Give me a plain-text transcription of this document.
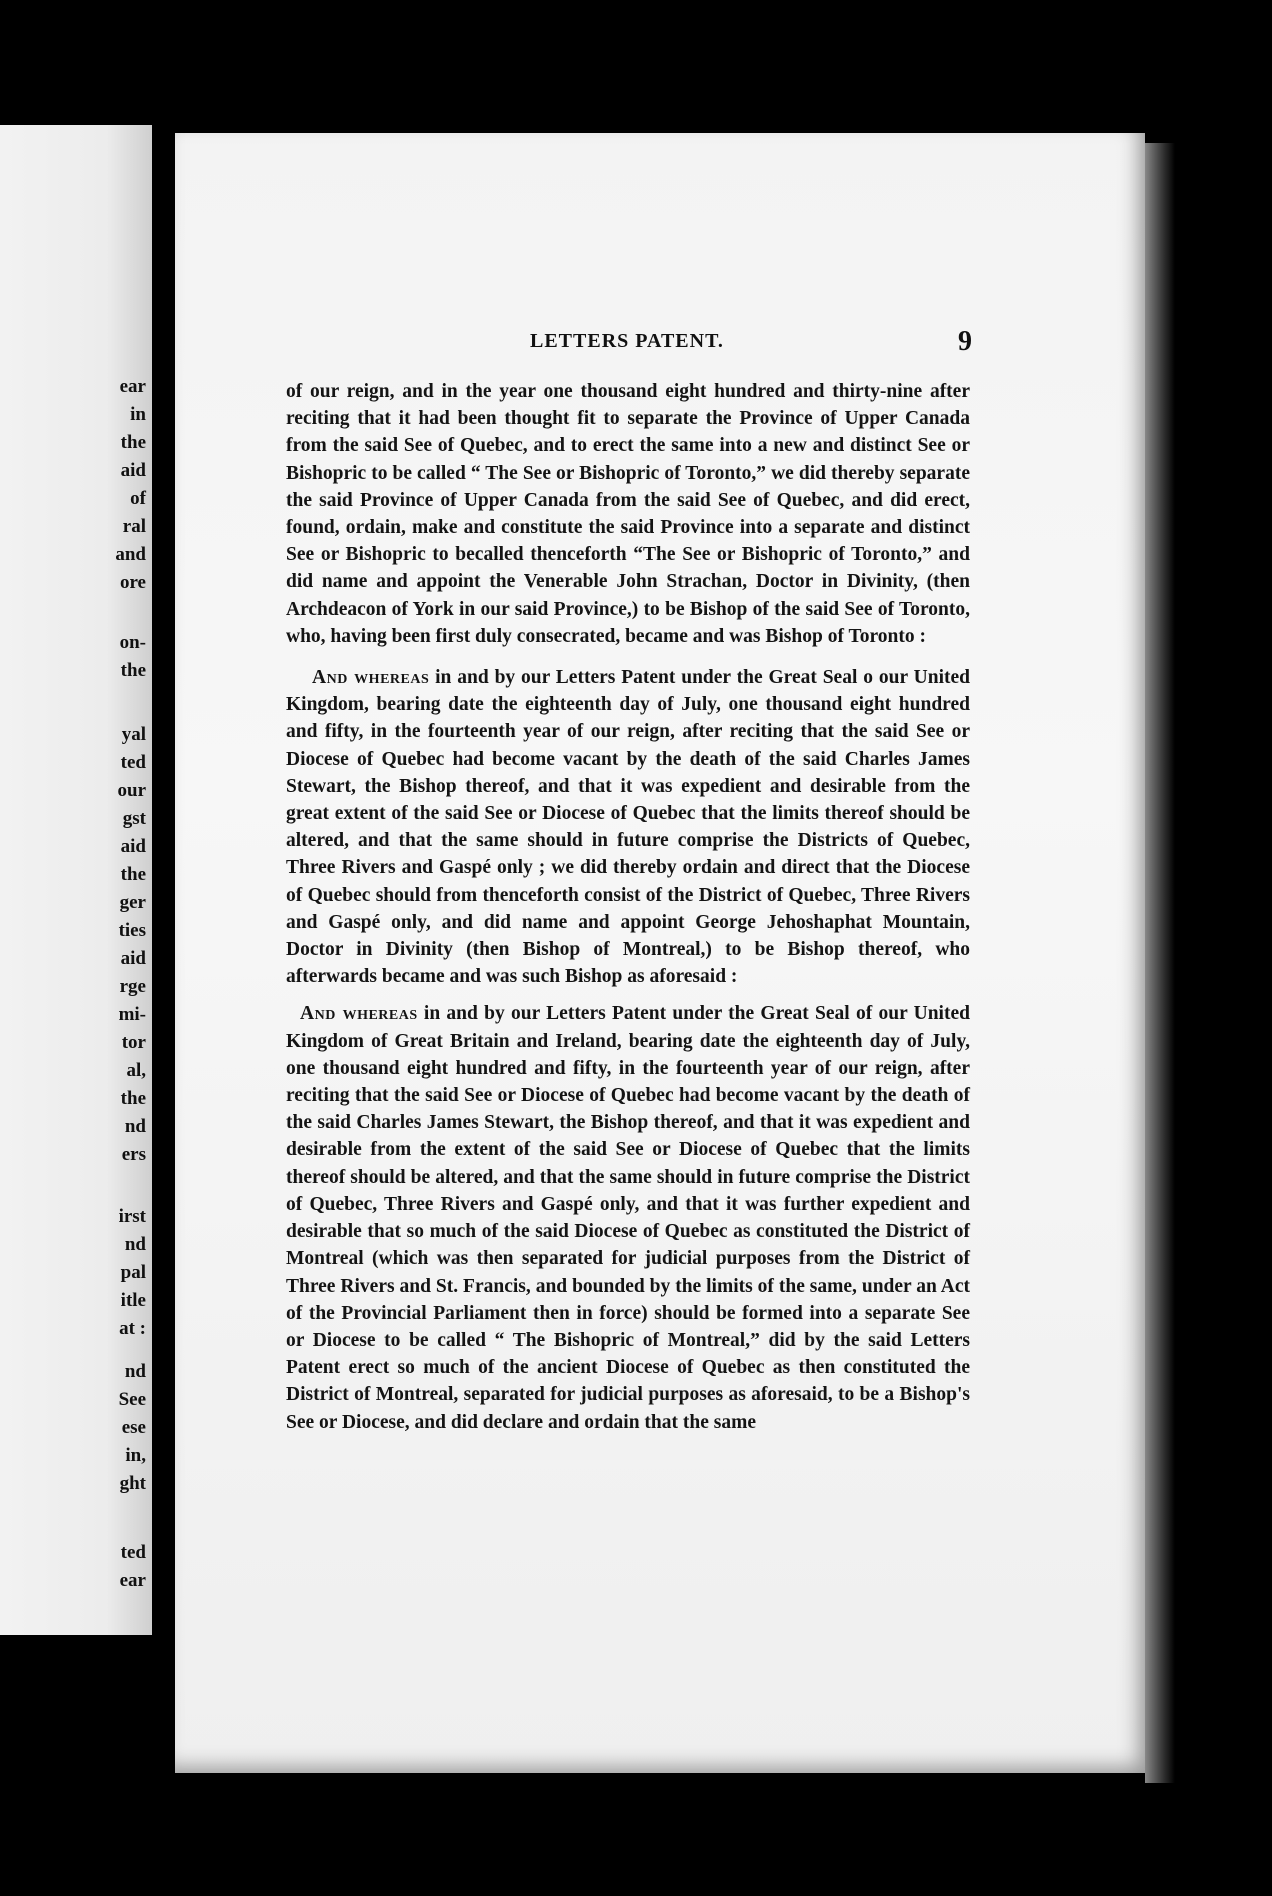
ear
in
the
aid
of
ral
and
ore
on-
the
yal
ted
our
gst
aid
the
ger
ties
aid
rge
mi-
tor
al,
the
nd
ers
irst
nd
pal
itle
at :
nd
See
ese
in,
ght
ted
ear
LETTERS PATENT.	9

of our reign, and in the year one thousand eight hundred and thirty-nine after reciting that it had been thought fit to separate the Province of Upper Canada from the said See of Quebec, and to erect the same into a new and distinct See or Bishopric to be called “ The See or Bishopric of Toronto,” we did thereby separate the said Province of Upper Canada from the said See of Quebec, and did erect, found, ordain, make and constitute the said Province into a separate and distinct See or Bishopric to becalled thenceforth “The See or Bishopric of Toronto,” and did name and appoint the Venerable John Strachan, Doctor in Divinity, (then Archdeacon of York in our said Province,) to be Bishop of the said See of Toronto, who, having been first duly consecrated, became and was Bishop of Toronto :

And whereas in and by our Letters Patent under the Great Seal o our United Kingdom, bearing date the eighteenth day of July, one thousand eight hundred and fifty, in the fourteenth year of our reign, after reciting that the said See or Diocese of Quebec had become vacant by the death of the said Charles James Stewart, the Bishop thereof, and that it was expedient and desirable from the great extent of the said See or Diocese of Quebec that the limits thereof should be altered, and that the same should in future comprise the Districts of Quebec, Three Rivers and Gaspé only ; we did thereby ordain and direct that the Diocese of Quebec should from thenceforth consist of the District of Quebec, Three Rivers and Gaspé only, and did name and appoint George Jehoshaphat Mountain, Doctor in Divinity (then Bishop of Montreal,) to be Bishop thereof, who afterwards became and was such Bishop as aforesaid :

And whereas in and by our Letters Patent under the Great Seal of our United Kingdom of Great Britain and Ireland, bearing date the eighteenth day of July, one thousand eight hundred and fifty, in the fourteenth year of our reign, after reciting that the said See or Diocese of Quebec had become vacant by the death of the said Charles James Stewart, the Bishop thereof, and that it was expedient and desirable from the extent of the said See or Diocese of Quebec that the limits thereof should be altered, and that the same should in future comprise the District of Quebec, Three Rivers and Gaspé only, and that it was further expedient and desirable that so much of the said Diocese of Quebec as constituted the District of Montreal (which was then separated for judicial purposes from the District of Three Rivers and St. Francis, and bounded by the limits of the same, under an Act of the Provincial Parliament then in force) should be formed into a separate See or Diocese to be called “ The Bishopric of Montreal,” did by the said Letters Patent erect so much of the ancient Diocese of Quebec as then constituted the District of Montreal, separated for judicial purposes as aforesaid, to be a Bishop's See or Diocese, and did declare and ordain that the same
